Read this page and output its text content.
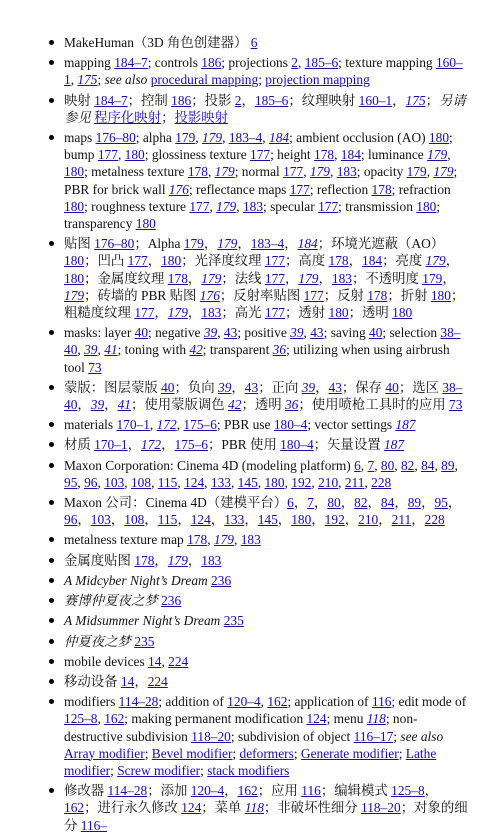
MakeHuman（3D 角色创建器） 6
mapping 184–7; controls 186; projections 2, 185–6; texture mapping 160–1, 175; see also procedural mapping; projection mapping
映射 184–7；控制 186；投影 2，185–6；纹理映射 160–1，175；另请参见 程序化映射；投影映射
maps 176–80; alpha 179, 179, 183–4, 184; ambient occlusion (AO) 180; bump 177, 180; glossiness texture 177; height 178, 184; luminance 179, 180; metalness texture 178, 179; normal 177, 179, 183; opacity 179, 179; PBR for brick wall 176; reflectance maps 177; reflection 178; refraction 180; roughness texture 177, 179, 183; specular 177; transmission 180; transparency 180
贴图 176–80；Alpha 179，179，183–4，184；环境光遮蔽（AO）180；凹凸 177，180；光泽度纹理 177；高度 178，184；亮度 179，180；金属度纹理 178，179；法线 177，179，183；不透明度 179，179；砖墙的 PBR 贴图 176；反射率贴图 177；反射 178；折射 180；粗糙度纹理 177，179，183；高光 177；透射 180；透明 180
masks: layer 40; negative 39, 43; positive 39, 43; saving 40; selection 38–40, 39, 41; toning with 42; transparent 36; utilizing when using airbrush tool 73
蒙版：图层蒙版 40；负向 39，43；正向 39，43；保存 40；选区 38–40，39，41；使用蒙版调色 42；透明 36；使用喷枪工具时的应用 73
materials 170–1, 172, 175–6; PBR use 180–4; vector settings 187
材质 170–1，172，175–6；PBR 使用 180–4；矢量设置 187
Maxon Corporation: Cinema 4D (modeling platform) 6, 7, 80, 82, 84, 89, 95, 96, 103, 108, 115, 124, 133, 145, 180, 192, 210, 211, 228
Maxon 公司：Cinema 4D（建模平台）6，7，80，82，84，89，95，96，103，108，115，124，133，145，180，192，210，211，228
metalness texture map 178, 179, 183
金属度贴图 178，179，183
A Midcyber Night’s Dream 236
赛博仲夏夜之梦 236
A Midsummer Night’s Dream 235
仲夏夜之梦 235
mobile devices 14, 224
移动设备 14，224
modifiers 114–28; addition of 120–4, 162; application of 116; edit mode of 125–8, 162; making permanent modification 124; menu 118; non-destructive subdivision 118–20; subdivision of object 116–17; see also Array modifier; Bevel modifier; deformers; Generate modifier; Lathe modifier; Screw modifier; stack modifiers
修改器 114–28；添加 120–4，162；应用 116；编辑模式 125–8，162；进行永久修改 124；菜单 118；非破坏性细分 118–20；对象的细分 116–
